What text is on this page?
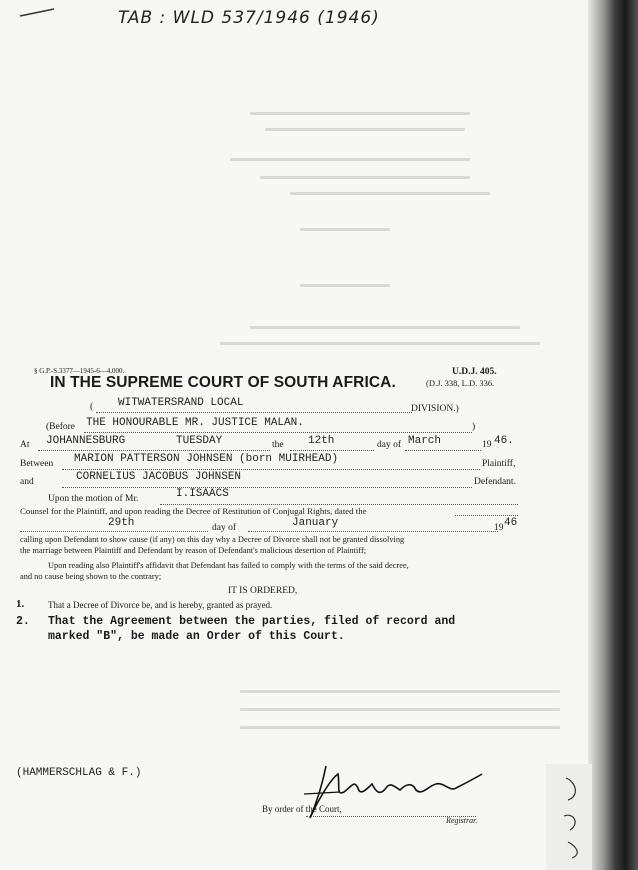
TAB : WLD 537/1946 (1946)
§ G.P.-S.3377—1945-6—4,000.	U.D.J. 405.
(D.J. 338, L.D. 336.
IN THE SUPREME COURT OF SOUTH AFRICA.
( WITWATERSRAND LOCAL	DIVISION.)
(Before THE HONOURABLE MR. JUSTICE MALAN.	)
At JOHANNESBURG	TUESDAY	the 12th	day of March	19 46.
Between MARION PATTERSON JOHNSEN (born MUIRHEAD)	Plaintiff,
and	CORNELIUS JACOBUS JOHNSEN	Defendant.
Upon the motion of Mr.	I.ISAACS
Counsel for the Plaintiff, and upon reading the Decree of Restitution of Conjugal Rights, dated the
29th	day of	January	19 46
calling upon Defendant to show cause (if any) on this day why a Decree of Divorce shall not be granted dissolving
the marriage between Plaintiff and Defendant by reason of Defendant's malicious desertion of Plaintiff;
Upon reading also Plaintiff's affidavit that Defendant has failed to comply with the terms of the said decree,
and no cause being shown to the contrary;
IT IS ORDERED,
1.	That a Decree of Divorce be, and is hereby, granted as prayed.
2. That the Agreement between the parties, filed of record and
marked "B", be made an Order of this Court.
(HAMMERSCHLAG & F.)
By order of the Court,
Registrar.
